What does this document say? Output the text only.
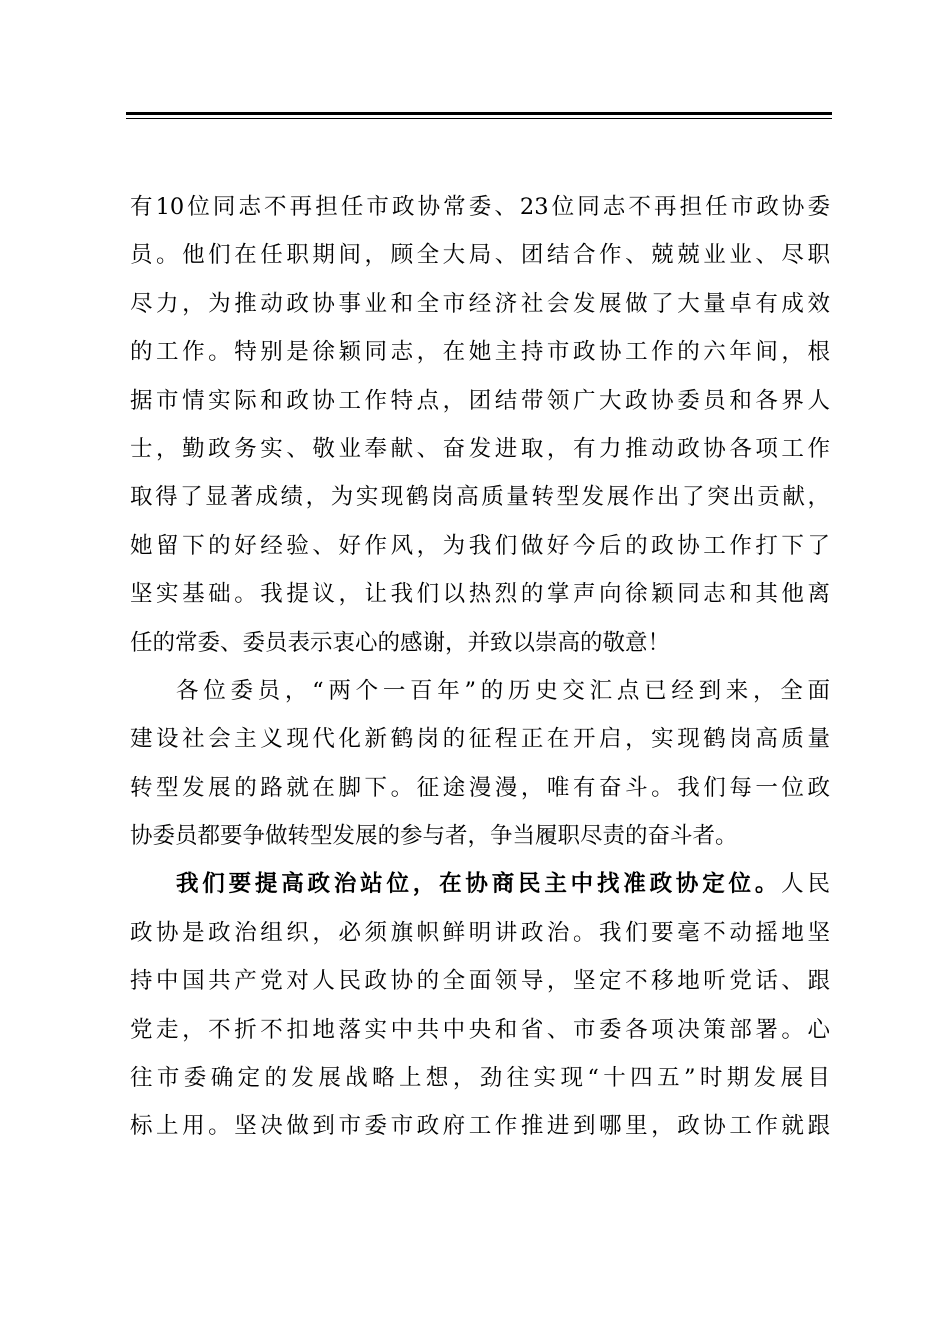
有10位同志不再担任市政协常委、23位同志不再担任市政协委
员。他们在任职期间，顾全大局、团结合作、兢兢业业、尽职
尽力，为推动政协事业和全市经济社会发展做了大量卓有成效
的工作。特别是徐颖同志，在她主持市政协工作的六年间，根
据市情实际和政协工作特点，团结带领广大政协委员和各界人
士，勤政务实、敬业奉献、奋发进取，有力推动政协各项工作
取得了显著成绩，为实现鹤岗高质量转型发展作出了突出贡献，
她留下的好经验、好作风，为我们做好今后的政协工作打下了
坚实基础。我提议，让我们以热烈的掌声向徐颖同志和其他离
任的常委、委员表示衷心的感谢，并致以崇高的敬意！
各位委员，“两个一百年”的历史交汇点已经到来，全面
建设社会主义现代化新鹤岗的征程正在开启，实现鹤岗高质量
转型发展的路就在脚下。征途漫漫，唯有奋斗。我们每一位政
协委员都要争做转型发展的参与者，争当履职尽责的奋斗者。
我们要提高政治站位，在协商民主中找准政协定位。人民
政协是政治组织，必须旗帜鲜明讲政治。我们要毫不动摇地坚
持中国共产党对人民政协的全面领导，坚定不移地听党话、跟
党走，不折不扣地落实中共中央和省、市委各项决策部署。心
往市委确定的发展战略上想，劲往实现“十四五”时期发展目
标上用。坚决做到市委市政府工作推进到哪里，政协工作就跟
